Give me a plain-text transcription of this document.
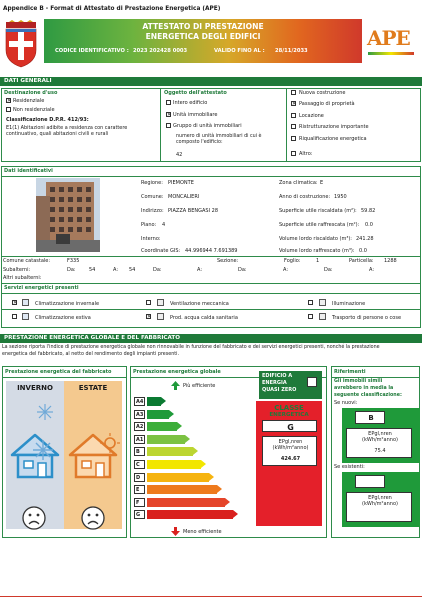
Appendice B - Format di Attestato di Prestazione Energetica (APE)
ATTESTATO DI PRESTAZIONE
ENERGETICA DEGLI EDIFICI
CODICE IDENTIFICATIVO : 2023 202428 0003	VALIDO FINO AL : 28/11/2033
APE
DATI GENERALI
Destinazione d'uso
✕ Residenziale
Non residenziale
Classificazione D.P.R. 412/93:
E1(1) Abitazioni adibite a residenza con carattere
continuativo, quali abitazioni civili e rurali
Oggetto dell'attestato
Intero edificio
✕ Unità immobiliare
Gruppo di unità immobiliari
numero di unità immobiliari di cui è
composto l'edificio:
42
Nuova costruzione
✕ Passaggio di proprietà
Locazione
Ristrutturazione importante
Riqualificazione energetica
Altro:
Dati identificativi
Regione: PIEMONTE
Comune: MONCALIERI
Indirizzo: PIAZZA BENGASI 28
Piano: 4
Interno:
Coordinate GIS: 44.996944 7.691389
Zona climatica: E
Anno di costruzione: 1950
Superficie utile riscaldata (m²): 59.82
Superficie utile raffrescata (m²): 0.0
Volume lordo riscaldato (m³): 241.28
Volume lordo raffrescato (m³): 0.0
Comune catastale:	F335	Sezione:	Foglio:	1	Particella: 1288
Subalterni:	Da:	54	A: 54	Da:	A:	Da:	A:	Da:	A:
Altri subalterni:
Servizi energetici presenti
✕	Climatizzazione invernale
Climatizzazione estiva
Ventilazione meccanica
✕	Prod. acqua calda sanitaria
Illuminazione
Trasporto di persone o cose
PRESTAZIONE ENERGETICA GLOBALE E DEL FABBRICATO
La sezione riporta l'indice di prestazione energetica globale non rinnovabile in funzione del fabbricato e dei servizi energetici presenti, nonché la prestazione
energetica del fabbricato, al netto del rendimento degli impianti presenti.
Prestazione energetica del fabbricato
INVERNO	ESTATE
Prestazione energetica globale
Più efficiente
Meno efficiente
A4
A3
A2
A1
B
C
D
E
F
G
EDIFICIO A
ENERGIA
QUASI ZERO
CLASSE
ENERGETICA
G
EPgl,nren
(kWh/m²anno)
424.67
Riferimenti
Gli immobili simili
avrebbero in media la
seguente classificazione:
Se nuovi:
B
EPgl,nren
(kWh/m²anno)
75.4
Se esistenti:
EPgl,nren
(kWh/m²anno)
